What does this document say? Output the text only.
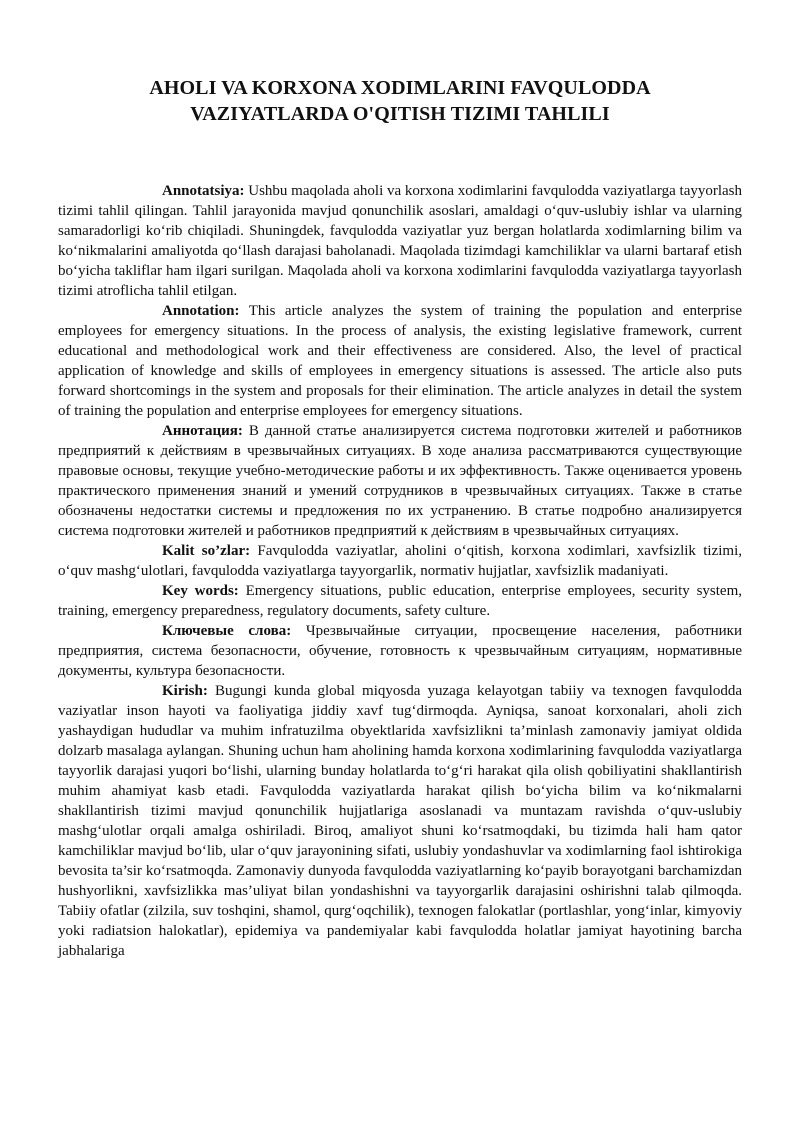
AHOLI VA KORXONA XODIMLARINI FAVQULODDA
VAZIYATLARDA O'QITISH TIZIMI TAHLILI

Annotatsiya: Ushbu maqolada aholi va korxona xodimlarini favqulodda vaziyatlarga tayyorlash tizimi tahlil qilingan. Tahlil jarayonida mavjud qonunchilik asoslari, amaldagi o‘quv-uslubiy ishlar va ularning samaradorligi ko‘rib chiqiladi. Shuningdek, favqulodda vaziyatlar yuz bergan holatlarda xodimlarning bilim va ko‘nikmalarini amaliyotda qo‘llash darajasi baholanadi. Maqolada tizimdagi kamchiliklar va ularni bartaraf etish bo‘yicha takliflar ham ilgari surilgan. Maqolada aholi va korxona xodimlarini favqulodda vaziyatlarga tayyorlash tizimi atroflicha tahlil etilgan.

Annotation: This article analyzes the system of training the population and enterprise employees for emergency situations. In the process of analysis, the existing legislative framework, current educational and methodological work and their effectiveness are considered. Also, the level of practical application of knowledge and skills of employees in emergency situations is assessed. The article also puts forward shortcomings in the system and proposals for their elimination. The article analyzes in detail the system of training the population and enterprise employees for emergency situations.

Аннотация: В данной статье анализируется система подготовки жителей и работников предприятий к действиям в чрезвычайных ситуациях. В ходе анализа рассматриваются существующие правовые основы, текущие учебно-методические работы и их эффективность. Также оценивается уровень практического применения знаний и умений сотрудников в чрезвычайных ситуациях. Также в статье обозначены недостатки системы и предложения по их устранению. В статье подробно анализируется система подготовки жителей и работников предприятий к действиям в чрезвычайных ситуациях.

Kalit so’zlar: Favqulodda vaziyatlar, aholini o‘qitish, korxona xodimlari, xavfsizlik tizimi, o‘quv mashg‘ulotlari, favqulodda vaziyatlarga tayyorgarlik, normativ hujjatlar, xavfsizlik madaniyati.

Key words: Emergency situations, public education, enterprise employees, security system, training, emergency preparedness, regulatory documents, safety culture.

Ключевые слова: Чрезвычайные ситуации, просвещение населения, работники предприятия, система безопасности, обучение, готовность к чрезвычайным ситуациям, нормативные документы, культура безопасности.

Kirish: Bugungi kunda global miqyosda yuzaga kelayotgan tabiiy va texnogen favqulodda vaziyatlar inson hayoti va faoliyatiga jiddiy xavf tug‘dirmoqda. Ayniqsa, sanoat korxonalari, aholi zich yashaydigan hududlar va muhim infratuzilma obyektlarida xavfsizlikni ta’minlash zamonaviy jamiyat oldida dolzarb masalaga aylangan. Shuning uchun ham aholining hamda korxona xodimlarining favqulodda vaziyatlarga tayyorlik darajasi yuqori bo‘lishi, ularning bunday holatlarda to‘g‘ri harakat qila olish qobiliyatini shakllantirish muhim ahamiyat kasb etadi. Favqulodda vaziyatlarda harakat qilish bo‘yicha bilim va ko‘nikmalarni shakllantirish tizimi mavjud qonunchilik hujjatlariga asoslanadi va muntazam ravishda o‘quv-uslubiy mashg‘ulotlar orqali amalga oshiriladi. Biroq, amaliyot shuni ko‘rsatmoqdaki, bu tizimda hali ham qator kamchiliklar mavjud bo‘lib, ular o‘quv jarayonining sifati, uslubiy yondashuvlar va xodimlarning faol ishtirokiga bevosita ta’sir ko‘rsatmoqda. Zamonaviy dunyoda favqulodda vaziyatlarning ko‘payib borayotgani barchamizdan hushyorlikni, xavfsizlikka mas’uliyat bilan yondashishni va tayyorgarlik darajasini oshirishni talab qilmoqda. Tabiiy ofatlar (zilzila, suv toshqini, shamol, qurg‘oqchilik), texnogen falokatlar (portlashlar, yong‘inlar, kimyoviy yoki radiatsion halokatlar), epidemiya va pandemiyalar kabi favqulodda holatlar jamiyat hayotining barcha jabhalariga
